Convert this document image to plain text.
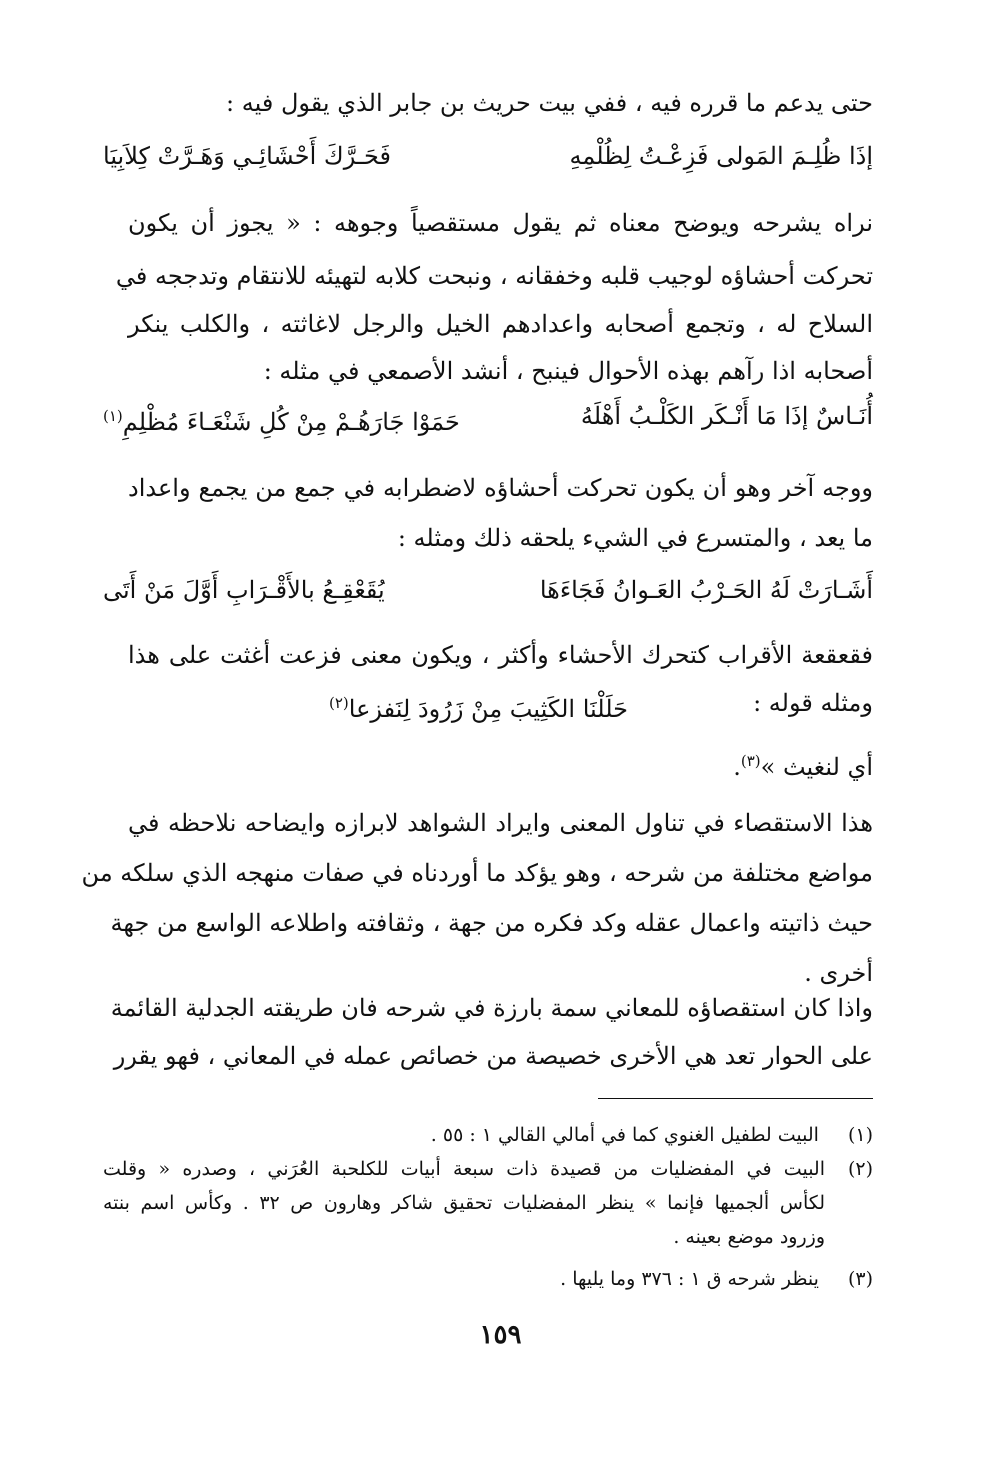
حتى يدعم ما قرره فيه ، ففي بيت حريث بن جابر الذي يقول فيه :
إذَا ظُلِـمَ المَولى فَزِعْـتُ لِظُلْمِهِ
فَحَـرَّكَ أَحْشَائِـي وَهَـرَّتْ كِلاَبِيَا
نراه يشرحه ويوضح معناه ثم يقول مستقصياً وجوهه : « يجوز أن يكون
تحركت أحشاؤه لوجيب قلبه وخفقانه ، ونبحت كلابه لتهيئه للانتقام وتدججه في
السلاح له ، وتجمع أصحابه واعدادهم الخيل والرجل لاغاثته ، والكلب ينكر
أصحابه اذا رآهم بهذه الأحوال فينبح ، أنشد الأصمعي في مثله :
أُنَـاسٌ إذَا مَا أَنْـكَر الكَلْـبُ أَهْلَهُ
حَمَوْا جَارَهُـمْ مِنْ كُلِ شَنْعَـاءَ مُظْلِمِ$^{(١)}$
ووجه آخر وهو أن يكون تحركت أحشاؤه لاضطرابه في جمع من يجمع واعداد
ما يعد ، والمتسرع في الشيء يلحقه ذلك ومثله :
أَشَـارَتْ لَهُ الحَـرْبُ العَـوانُ فَجَاءَهَا
يُقَعْقِـعُ بالأَقْـرَابِ أَوَّلَ مَنْ أَتَى
فقعقعة الأقراب كتحرك الأحشاء وأكثر ، ويكون معنى فزعت أغثت على هذا
ومثله قوله :
حَلَلْنَا الكَثِيبَ مِنْ زَرُودَ لِنَفزعا$^{(٢)}$
أي لنغيث »$^{(٣)}$.
هذا الاستقصاء في تناول المعنى وايراد الشواهد لابرازه وايضاحه نلاحظه في
مواضع مختلفة من شرحه ، وهو يؤكد ما أوردناه في صفات منهجه الذي سلكه من
حيث ذاتيته واعمال عقله وكد فكره من جهة ، وثقافته واطلاعه الواسع من جهة
أخرى .
واذا كان استقصاؤه للمعاني سمة بارزة في شرحه فان طريقته الجدلية القائمة
على الحوار تعد هي الأخرى خصيصة من خصائص عمله في المعاني ، فهو يقرر
(١) البيت لطفيل الغنوي كما في أمالي القالي ١ : ٥٥ .
(٢)
البيت في المفضليات من قصيدة ذات سبعة أبيات للكلحبة العُرَني ، وصدره « وقلت
لكأس ألجميها فإنما » ينظر المفضليات تحقيق شاكر وهارون ص ٣٢ . وكأس اسم بنته
وزرود موضع بعينه .
(٣) ينظر شرحه ق ١ : ٣٧٦ وما يليها .
١٥٩
